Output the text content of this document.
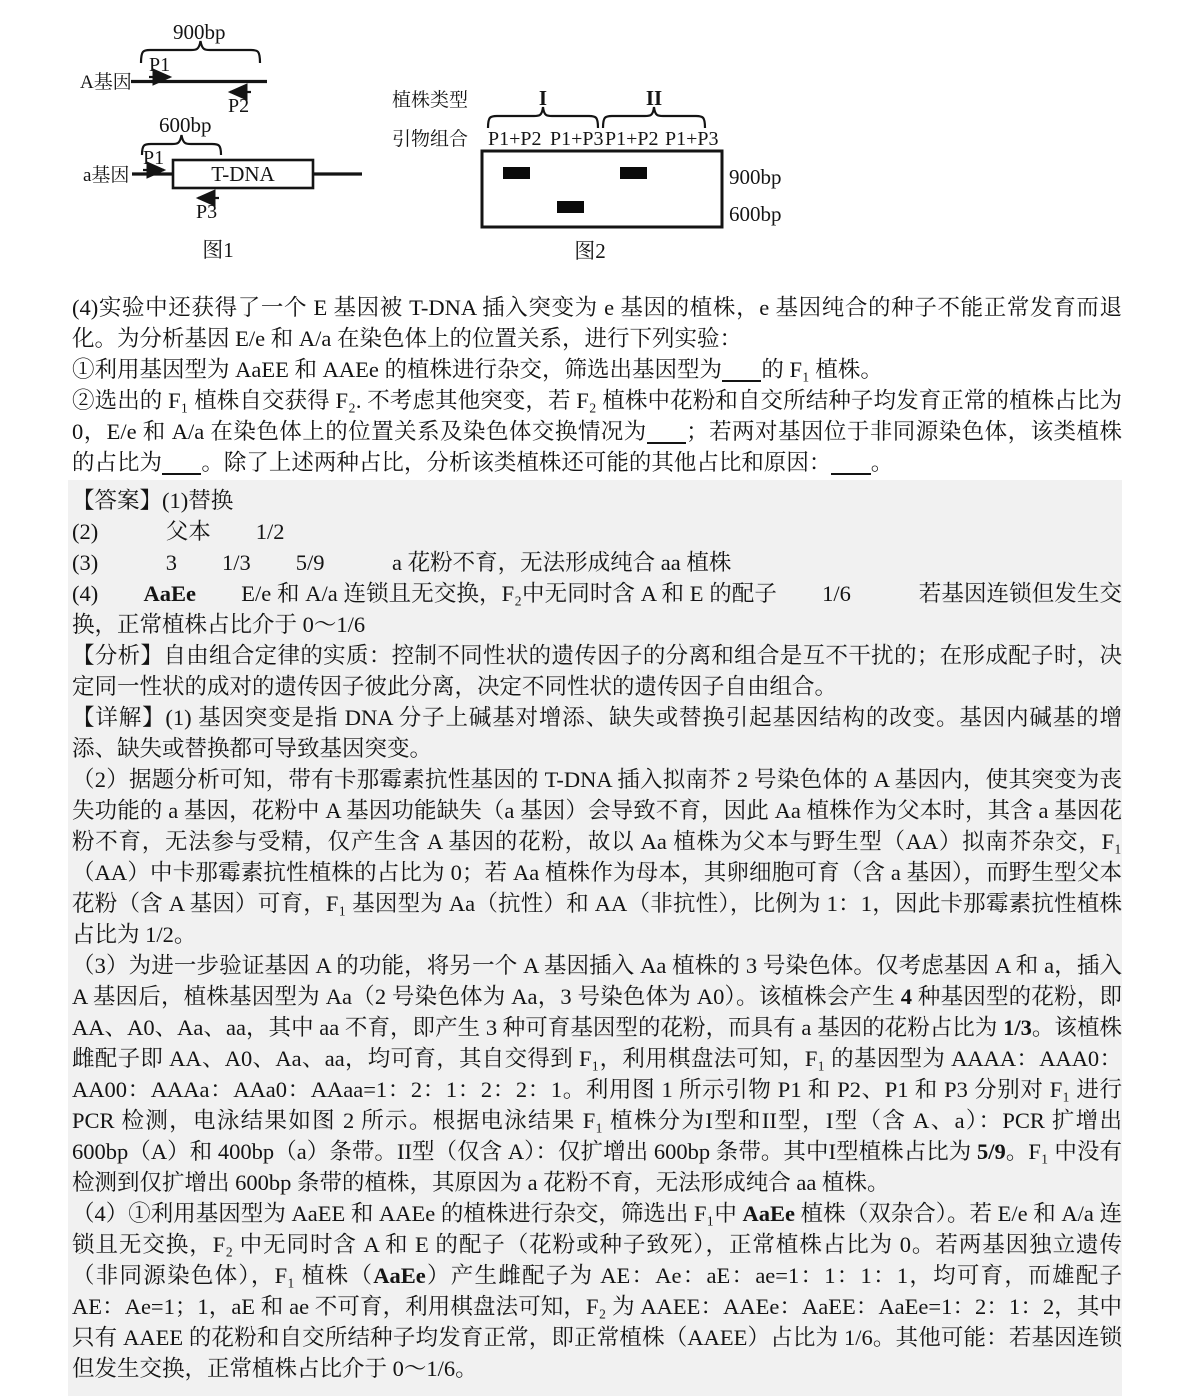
900bp
P1
A基因
P2
600bp
P1
a基因	T-DNA
P3
图1
植株类型	I	II
引物组合 P1+P2 P1+P3 P1+P2 P1+P3
900bp
600bp
图2

(4)实验中还获得了一个 E 基因被 T-DNA 插入突变为 e 基因的植株，e 基因纯合的种子不能正常发育而退化。为分析基因 E/e 和 A/a 在染色体上的位置关系，进行下列实验：

①利用基因型为 AaEE 和 AAEe 的植株进行杂交，筛选出基因型为 的 F₁ 植株。

②选出的 F₁ 植株自交获得 F₂. 不考虑其他突变，若 F₂ 植株中花粉和自交所结种子均发育正常的植株占比为 0，E/e 和 A/a 在染色体上的位置关系及染色体交换情况为 ；若两对基因位于非同源染色体，该类植株的占比为 。除了上述两种占比，分析该类植株还可能的其他占比和原因： 。

【答案】(1)替换

(2)　　　父本　　1/2

(3)　　　3　　1/3　　5/9　　　a 花粉不育，无法形成纯合 aa 植株

(4)　　AaEe　　E/e 和 A/a 连锁且无交换，F₂中无同时含 A 和 E 的配子　　1/6　　　若基因连锁但发生交换，正常植株占比介于 0～1/6

【分析】自由组合定律的实质：控制不同性状的遗传因子的分离和组合是互不干扰的；在形成配子时，决定同一性状的成对的遗传因子彼此分离，决定不同性状的遗传因子自由组合。

【详解】(1) 基因突变是指 DNA 分子上碱基对增添、缺失或替换引起基因结构的改变。基因内碱基的增添、缺失或替换都可导致基因突变。

（2）据题分析可知，带有卡那霉素抗性基因的 T-DNA 插入拟南芥 2 号染色体的 A 基因内，使其突变为丧失功能的 a 基因，花粉中 A 基因功能缺失（a 基因）会导致不育，因此 Aa 植株作为父本时，其含 a 基因花粉不育，无法参与受精，仅产生含 A 基因的花粉，故以 Aa 植株为父本与野生型（AA）拟南芥杂交，F₁（AA）中卡那霉素抗性植株的占比为 0；若 Aa 植株作为母本，其卵细胞可育（含 a 基因），而野生型父本花粉（含 A 基因）可育，F₁ 基因型为 Aa（抗性）和 AA（非抗性），比例为 1：1，因此卡那霉素抗性植株占比为 1/2。

（3）为进一步验证基因 A 的功能，将另一个 A 基因插入 Aa 植株的 3 号染色体。仅考虑基因 A 和 a，插入 A 基因后，植株基因型为 Aa（2 号染色体为 Aa，3 号染色体为 A0）。该植株会产生 4 种基因型的花粉，即 AA、A0、Aa、aa，其中 aa 不育，即产生 3 种可育基因型的花粉，而具有 a 基因的花粉占比为 1/3。该植株雌配子即 AA、A0、Aa、aa，均可育，其自交得到 F₁，利用棋盘法可知，F₁ 的基因型为 AAAA：AAA0：AA00：AAAa：AAa0：AAaa=1：2：1：2：2：1。利用图 1 所示引物 P1 和 P2、P1 和 P3 分别对 F₁ 进行 PCR 检测，电泳结果如图 2 所示。根据电泳结果 F₁ 植株分为I型和II型，I型（含 A、a）：PCR 扩增出 600bp（A）和 400bp（a）条带。II型（仅含 A）：仅扩增出 600bp 条带。其中I型植株占比为 5/9。F₁ 中没有检测到仅扩增出 600bp 条带的植株，其原因为 a 花粉不育，无法形成纯合 aa 植株。

（4）①利用基因型为 AaEE 和 AAEe 的植株进行杂交，筛选出 F₁中 AaEe 植株（双杂合）。若 E/e 和 A/a 连锁且无交换，F₂ 中无同时含 A 和 E 的配子（花粉或种子致死），正常植株占比为 0。若两基因独立遗传（非同源染色体），F₁ 植株（AaEe）产生雌配子为 AE：Ae：aE：ae=1：1：1：1，均可育，而雄配子 AE：Ae=1；1，aE 和 ae 不可育，利用棋盘法可知，F₂ 为 AAEE：AAEe：AaEE：AaEe=1：2：1：2，其中只有 AAEE 的花粉和自交所结种子均发育正常，即正常植株（AAEE）占比为 1/6。其他可能：若基因连锁但发生交换，正常植株占比介于 0～1/6。
